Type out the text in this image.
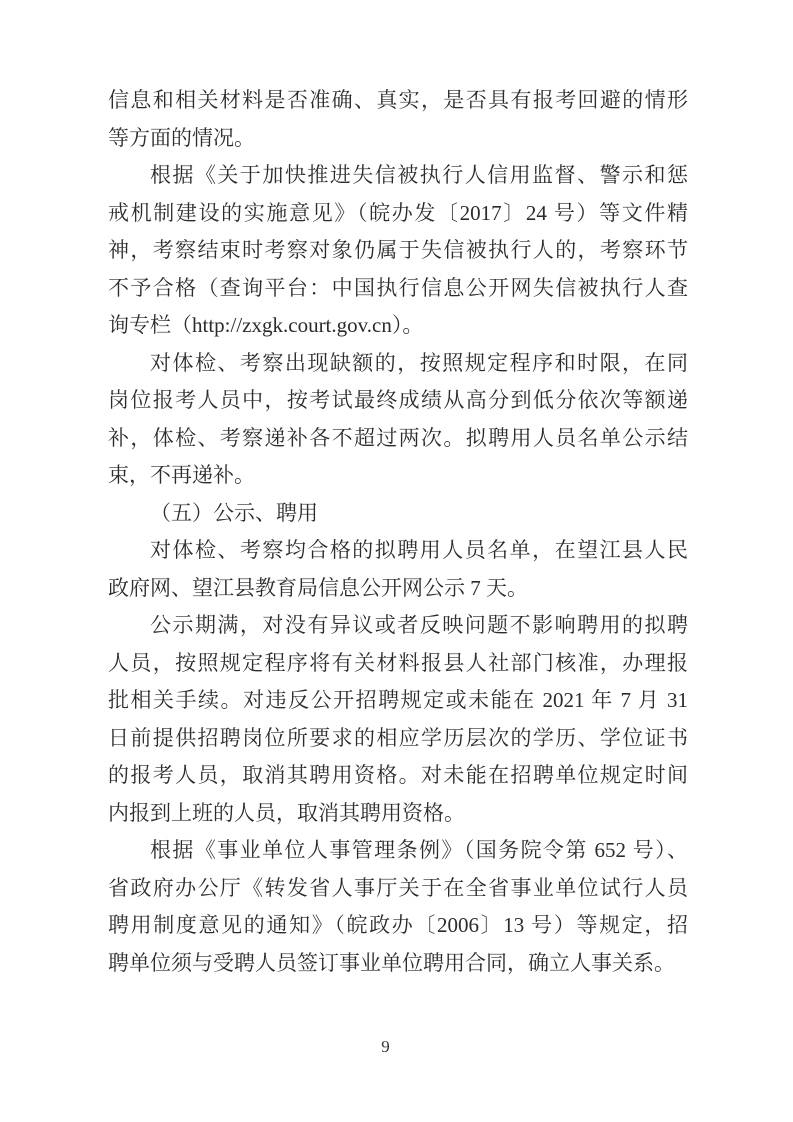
信息和相关材料是否准确、真实，是否具有报考回避的情形
等方面的情况。
根据《关于加快推进失信被执行人信用监督、警示和惩
戒机制建设的实施意见》（皖办发〔2017〕24 号）等文件精
神，考察结束时考察对象仍属于失信被执行人的，考察环节
不予合格（查询平台：中国执行信息公开网失信被执行人查
询专栏（http://zxgk.court.gov.cn）。
对体检、考察出现缺额的，按照规定程序和时限，在同
岗位报考人员中，按考试最终成绩从高分到低分依次等额递
补，体检、考察递补各不超过两次。拟聘用人员名单公示结
束，不再递补。
（五）公示、聘用
对体检、考察均合格的拟聘用人员名单，在望江县人民
政府网、望江县教育局信息公开网公示 7 天。
公示期满，对没有异议或者反映问题不影响聘用的拟聘
人员，按照规定程序将有关材料报县人社部门核准，办理报
批相关手续。对违反公开招聘规定或未能在 2021 年 7 月 31
日前提供招聘岗位所要求的相应学历层次的学历、学位证书
的报考人员，取消其聘用资格。对未能在招聘单位规定时间
内报到上班的人员，取消其聘用资格。
根据《事业单位人事管理条例》（国务院令第 652 号）、
省政府办公厅《转发省人事厅关于在全省事业单位试行人员
聘用制度意见的通知》（皖政办〔2006〕13 号）等规定，招
聘单位须与受聘人员签订事业单位聘用合同，确立人事关系。
9
